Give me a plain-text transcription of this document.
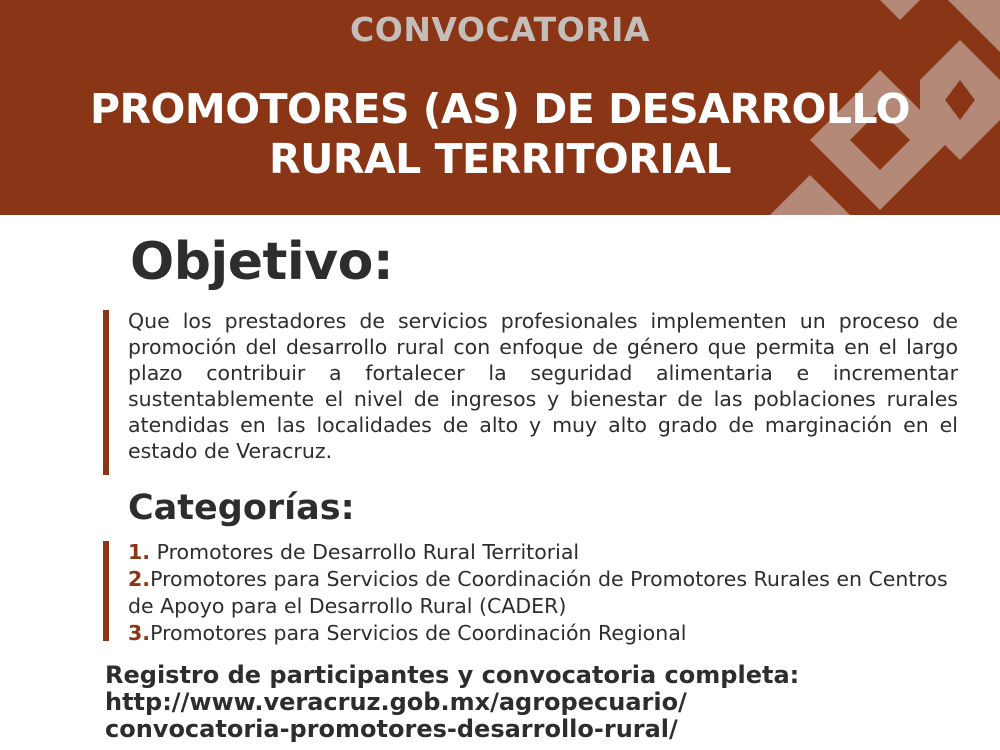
CONVOCATORIA
PROMOTORES (AS) DE DESARROLLO
RURAL TERRITORIAL
Objetivo:

Que los prestadores de servicios profesionales implementen un proceso de promoción del desarrollo rural con enfoque de género que permita en el largo plazo contribuir a fortalecer la seguridad alimentaria e incrementar sustentablemente el nivel de ingresos y bienestar de las poblaciones rurales atendidas en las localidades de alto y muy alto grado de marginación en el estado de Veracruz.

Categorías:
1. Promotores de Desarrollo Rural Territorial
2.Promotores para Servicios de Coordinación de Promotores Rurales en Centros de Apoyo para el Desarrollo Rural (CADER)
3.Promotores para Servicios de Coordinación Regional
Registro de participantes y convocatoria completa:
http://www.veracruz.gob.mx/agropecuario/
convocatoria-promotores-desarrollo-rural/
